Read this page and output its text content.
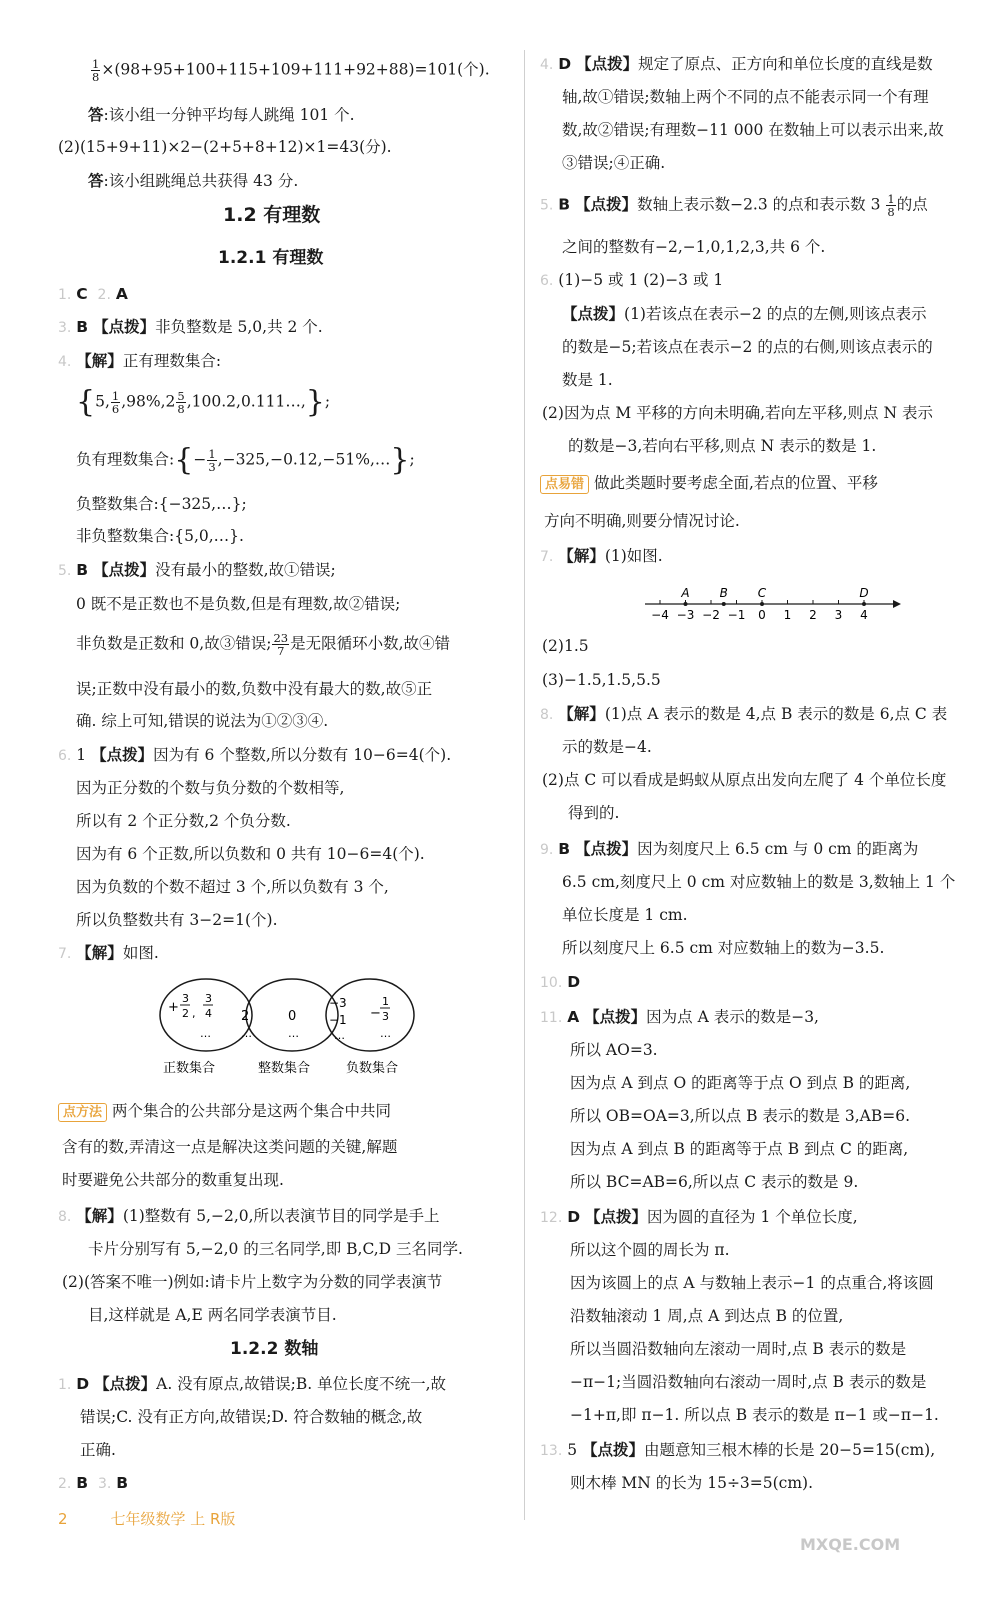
$\frac{1}{8} \times(98+95+100+115+109+111+92+88)=101$(个).
答:该小组一分钟平均每人跳绳 101 个.
(2)(15+9+11)×2−(2+5+8+12)×1=43(分).
答:该小组跳绳总共获得 43 分.
1.2 有理数
1.2.1 有理数
1. C 2. A
3. B 【点拨】非负整数是 5,0,共 2 个.
4. 【解】正有理数集合:
{5, $\frac{1}{6} ,98\%,2 \frac{5}{8}$ ,100.2,0.111…,};
负有理数集合:{− $\frac{1}{3}$ ,−325,−0.12,−51%,…};
负整数集合:{−325,…};
非负整数集合:{5,0,…}.
5. B 【点拨】没有最小的整数,故①错误;
0 既不是正数也不是负数,但是有理数,故②错误;
非负数是正数和 0,故③错误; $\frac{23}{7}$ 是无限循环小数,故④错
误;正数中没有最小的数,负数中没有最大的数,故⑤正
确. 综上可知,错误的说法为①②③④.
6. 1 【点拨】因为有 6 个整数,所以分数有 10−6=4(个).
因为正分数的个数与负分数的个数相等,
所以有 2 个正分数,2 个负分数.
因为有 6 个正数,所以负数和 0 共有 10−6=4(个).
因为负数的个数不超过 3 个,所以负数有 3 个,
所以负整数共有 3−2=1(个).
7. 【解】如图.
+
3
2 ,
3
4
…
2
…
0
…
−3
−1
…
−
1
3
…
正数集合	整数集合	负数集合
点方法 两个集合的公共部分是这两个集合中共同
含有的数,弄清这一点是解决这类问题的关键,解题
时要避免公共部分的数重复出现.
8. 【解】(1)整数有 5,−2,0,所以表演节目的同学是手上
卡片分别写有 5,−2,0 的三名同学,即 B,C,D 三名同学.
(2)(答案不唯一)例如:请卡片上数字为分数的同学表演节
目,这样就是 A,E 两名同学表演节目.
1.2.2 数轴
1. D 【点拨】A. 没有原点,故错误;B. 单位长度不统一,故
错误;C. 没有正方向,故错误;D. 符合数轴的概念,故
正确.
2. B 3. B
4. D 【点拨】规定了原点、正方向和单位长度的直线是数
轴,故①错误;数轴上两个不同的点不能表示同一个有理
数,故②错误;有理数−11 000 在数轴上可以表示出来,故
③错误;④正确.
5. B 【点拨】数轴上表示数−2.3 的点和表示数 $3 \frac{1}{8}$ 的点
之间的整数有−2,−1,0,1,2,3,共 6 个.
6. (1)−5 或 1 (2)−3 或 1
【点拨】(1)若该点在表示−2 的点的左侧,则该点表示
的数是−5;若该点在表示−2 的点的右侧,则该点表示的
数是 1.
(2)因为点 M 平移的方向未明确,若向左平移,则点 N 表示
的数是−3,若向右平移,则点 N 表示的数是 1.
点易错 做此类题时要考虑全面,若点的位置、平移
方向不明确,则要分情况讨论.
7. 【解】(1)如图.
−4 −3 −2 −1 0 1 2 3 4
A	B C	D
(2)1.5
(3)−1.5,1.5,5.5
8. 【解】(1)点 A 表示的数是 4,点 B 表示的数是 6,点 C 表
示的数是−4.
(2)点 C 可以看成是蚂蚁从原点出发向左爬了 4 个单位长度
得到的.
9. B 【点拨】因为刻度尺上 6.5 cm 与 0 cm 的距离为
6.5 cm,刻度尺上 0 cm 对应数轴上的数是 3,数轴上 1 个
单位长度是 1 cm.
所以刻度尺上 6.5 cm 对应数轴上的数为−3.5.
10. D
11. A 【点拨】因为点 A 表示的数是−3,
所以 AO=3.
因为点 A 到点 O 的距离等于点 O 到点 B 的距离,
所以 OB=OA=3,所以点 B 表示的数是 3,AB=6.
因为点 A 到点 B 的距离等于点 B 到点 C 的距离,
所以 BC=AB=6,所以点 C 表示的数是 9.
12. D 【点拨】因为圆的直径为 1 个单位长度,
所以这个圆的周长为 π.
因为该圆上的点 A 与数轴上表示−1 的点重合,将该圆
沿数轴滚动 1 周,点 A 到达点 B 的位置,
所以当圆沿数轴向左滚动一周时,点 B 表示的数是
−π−1;当圆沿数轴向右滚动一周时,点 B 表示的数是
−1+π,即 π−1. 所以点 B 表示的数是 π−1 或−π−1.
13. 5 【点拨】由题意知三根木棒的长是 20−5=15(cm),
则木棒 MN 的长为 15÷3=5(cm).
2	七年级数学 上 R版
MXQE.COM
